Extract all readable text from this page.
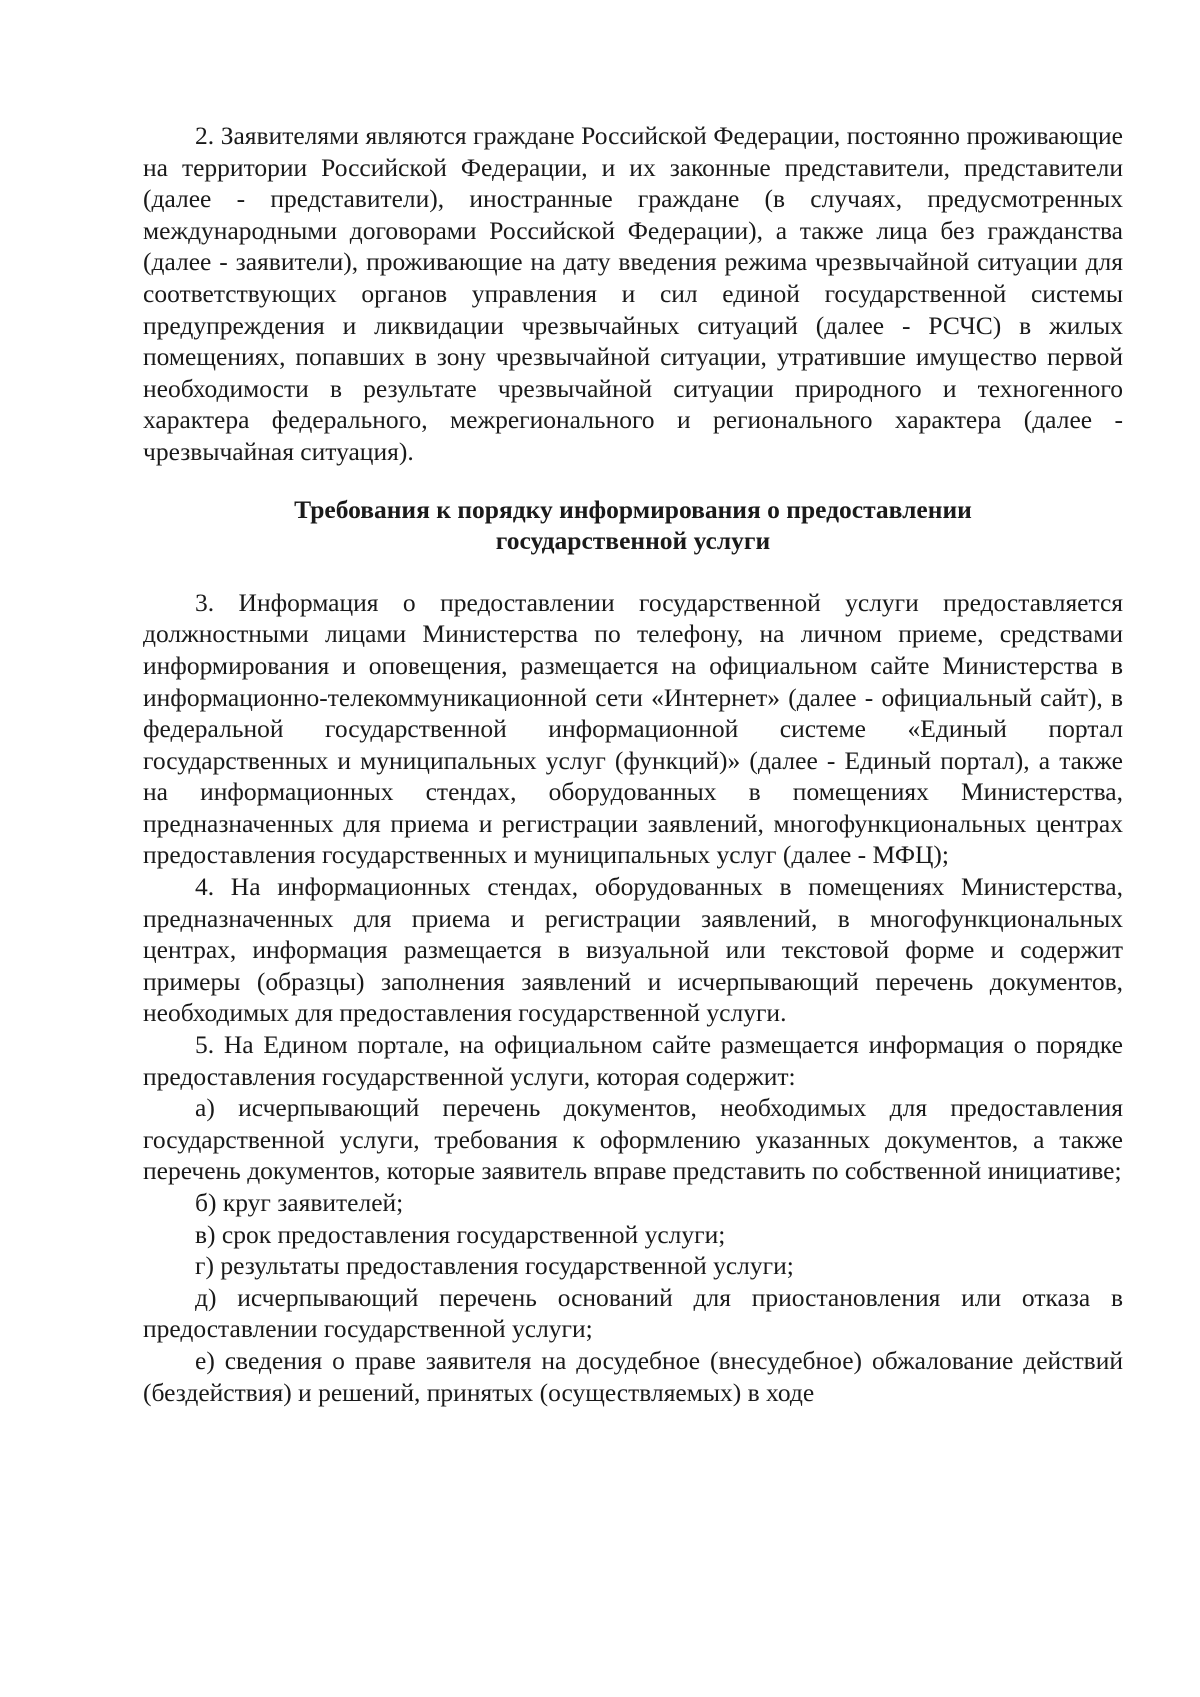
2. Заявителями являются граждане Российской Федерации, постоянно проживающие на территории Российской Федерации, и их законные представители, представители (далее - представители), иностранные граждане (в случаях, предусмотренных международными договорами Российской Федерации), а также лица без гражданства (далее - заявители), проживающие на дату введения режима чрезвычайной ситуации для соответствующих органов управления и сил единой государственной системы предупреждения и ликвидации чрезвычайных ситуаций (далее - РСЧС) в жилых помещениях, попавших в зону чрезвычайной ситуации, утратившие имущество первой необходимости в результате чрезвычайной ситуации природного и техногенного характера федерального, межрегионального и регионального характера (далее - чрезвычайная ситуация).

Требования к порядку информирования о предоставлении государственной услуги

3. Информация о предоставлении государственной услуги предоставляется должностными лицами Министерства по телефону, на личном приеме, средствами информирования и оповещения, размещается на официальном сайте Министерства в информационно-телекоммуникационной сети «Интернет» (далее - официальный сайт), в федеральной государственной информационной системе «Единый портал государственных и муниципальных услуг (функций)» (далее - Единый портал), а также на информационных стендах, оборудованных в помещениях Министерства, предназначенных для приема и регистрации заявлений, многофункциональных центрах предоставления государственных и муниципальных услуг (далее - МФЦ);

4. На информационных стендах, оборудованных в помещениях Министерства, предназначенных для приема и регистрации заявлений, в многофункциональных центрах, информация размещается в визуальной или текстовой форме и содержит примеры (образцы) заполнения заявлений и исчерпывающий перечень документов, необходимых для предоставления государственной услуги.

5. На Едином портале, на официальном сайте размещается информация о порядке предоставления государственной услуги, которая содержит:

а) исчерпывающий перечень документов, необходимых для предоставления государственной услуги, требования к оформлению указанных документов, а также перечень документов, которые заявитель вправе представить по собственной инициативе;

б) круг заявителей;

в) срок предоставления государственной услуги;

г) результаты предоставления государственной услуги;

д) исчерпывающий перечень оснований для приостановления или отказа в предоставлении государственной услуги;

е) сведения о праве заявителя на досудебное (внесудебное) обжалование действий (бездействия) и решений, принятых (осуществляемых) в ходе
